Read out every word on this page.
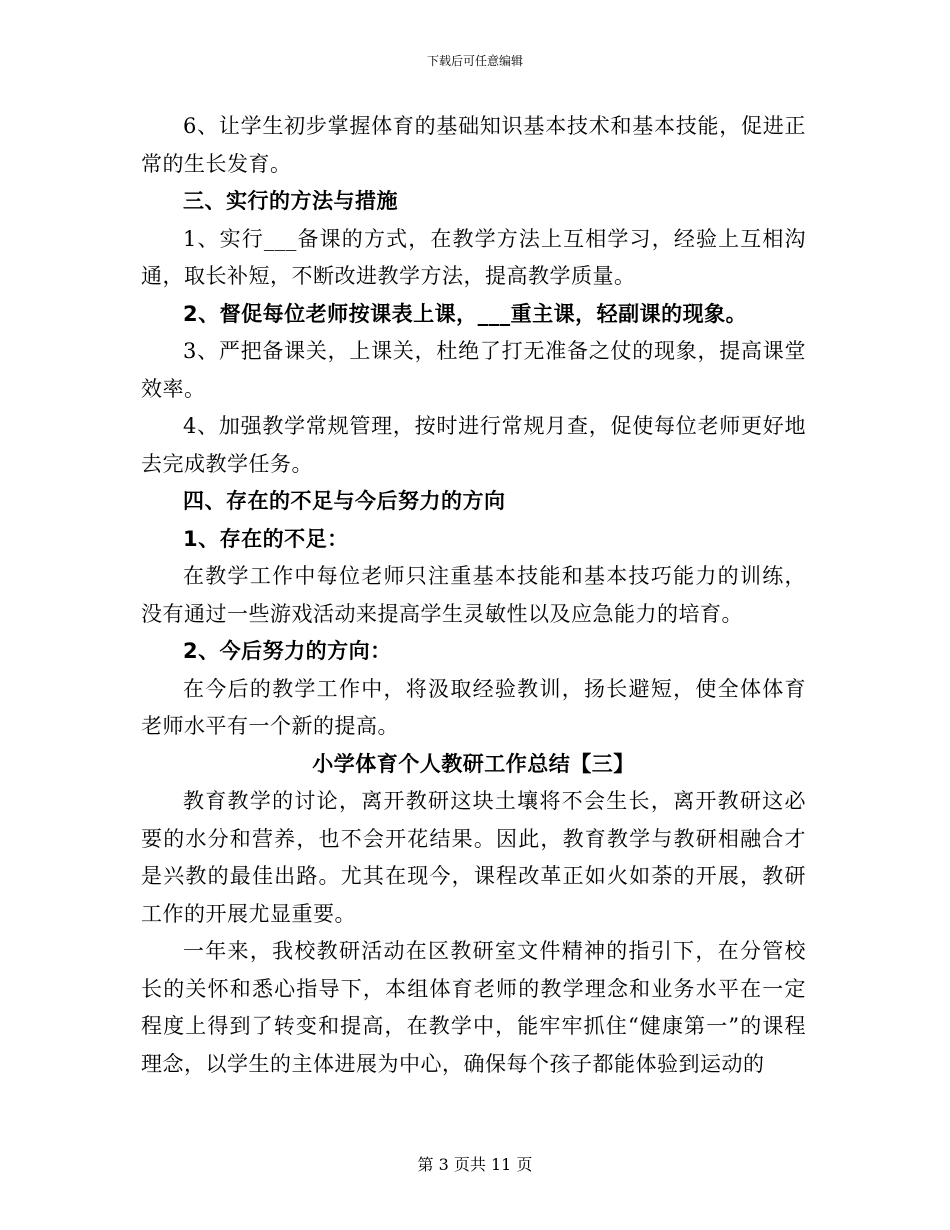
下载后可任意编辑

6、让学生初步掌握体育的基础知识基本技术和基本技能，促进正常的生长发育。

三、实行的方法与措施

1、实行___备课的方式，在教学方法上互相学习，经验上互相沟通，取长补短，不断改进教学方法，提高教学质量。

2、督促每位老师按课表上课，___重主课，轻副课的现象。

3、严把备课关，上课关，杜绝了打无准备之仗的现象，提高课堂效率。

4、加强教学常规管理，按时进行常规月查，促使每位老师更好地去完成教学任务。

四、存在的不足与今后努力的方向

1、存在的不足：

在教学工作中每位老师只注重基本技能和基本技巧能力的训练，没有通过一些游戏活动来提高学生灵敏性以及应急能力的培育。

2、今后努力的方向：

在今后的教学工作中，将汲取经验教训，扬长避短，使全体体育老师水平有一个新的提高。

小学体育个人教研工作总结【三】

教育教学的讨论，离开教研这块土壤将不会生长，离开教研这必要的水分和营养，也不会开花结果。因此，教育教学与教研相融合才是兴教的最佳出路。尤其在现今，课程改革正如火如荼的开展，教研工作的开展尤显重要。

一年来，我校教研活动在区教研室文件精神的指引下，在分管校长的关怀和悉心指导下，本组体育老师的教学理念和业务水平在一定程度上得到了转变和提高，在教学中，能牢牢抓住“健康第一”的课程理念，以学生的主体进展为中心，确保每个孩子都能体验到运动的

第 3 页共 11 页
